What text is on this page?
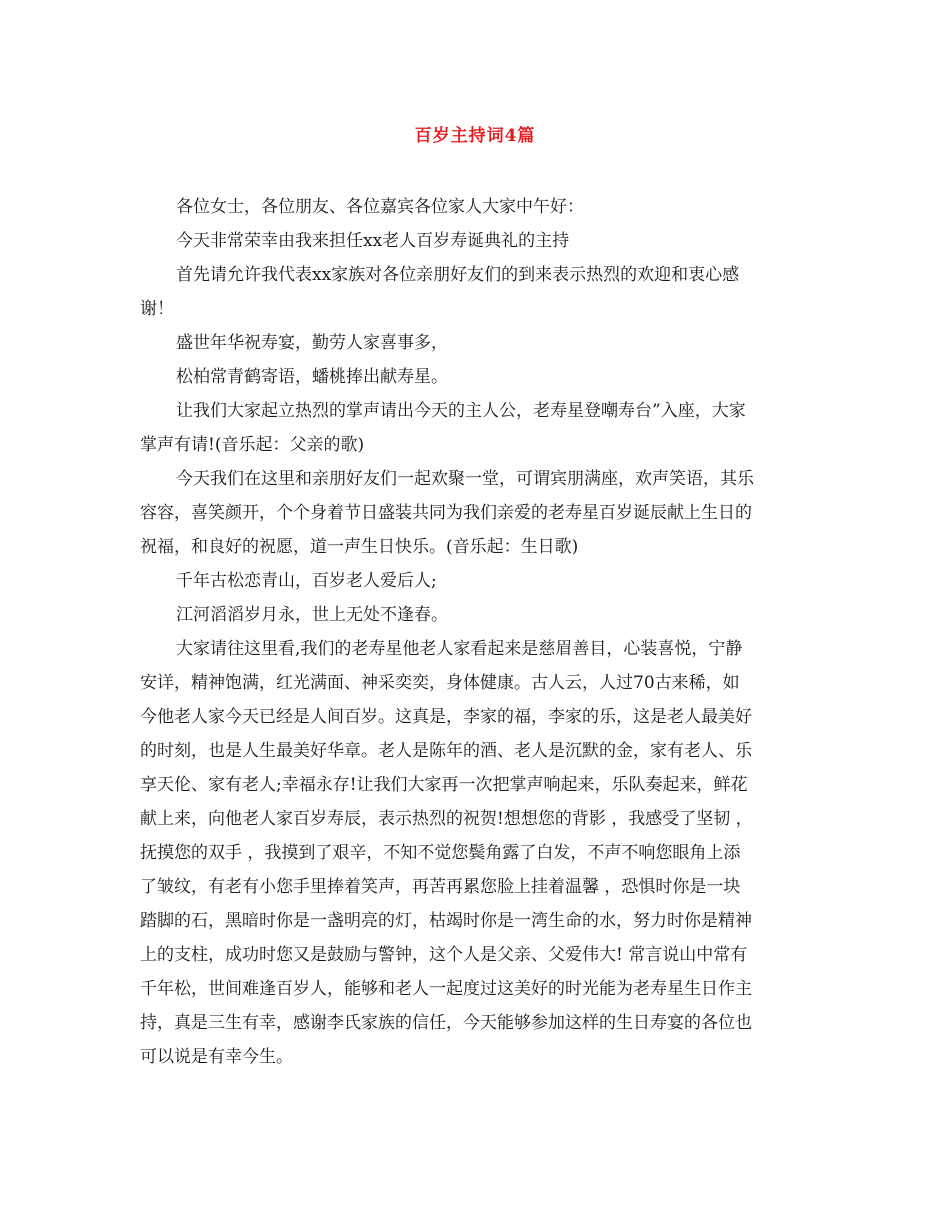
百岁主持词4篇
各位女士，各位朋友、各位嘉宾各位家人大家中午好：
今天非常荣幸由我来担任xx老人百岁寿诞典礼的主持
首先请允许我代表xx家族对各位亲朋好友们的到来表示热烈的欢迎和衷心感
谢！
盛世年华祝寿宴，勤劳人家喜事多，
松柏常青鹤寄语，蟠桃捧出献寿星。
让我们大家起立热烈的掌声请出今天的主人公，老寿星登嘲寿台”入座，大家
掌声有请!(音乐起：父亲的歌)
今天我们在这里和亲朋好友们一起欢聚一堂，可谓宾朋满座，欢声笑语，其乐
容容，喜笑颜开，个个身着节日盛装共同为我们亲爱的老寿星百岁诞辰献上生日的
祝福，和良好的祝愿，道一声生日快乐。(音乐起：生日歌)
千年古松恋青山，百岁老人爱后人;
江河滔滔岁月永，世上无处不逢春。
大家请往这里看,我们的老寿星他老人家看起来是慈眉善目，心装喜悦，宁静
安详，精神饱满，红光满面、神采奕奕，身体健康。古人云，人过70古来稀，如
今他老人家今天已经是人间百岁。这真是，李家的福，李家的乐，这是老人最美好
的时刻，也是人生最美好华章。老人是陈年的酒、老人是沉默的金，家有老人、乐
享天伦、家有老人;幸福永存!让我们大家再一次把掌声响起来，乐队奏起来，鲜花
献上来，向他老人家百岁寿辰，表示热烈的祝贺!想想您的背影 ，我感受了坚韧 ，
抚摸您的双手 ，我摸到了艰辛，不知不觉您鬓角露了白发，不声不响您眼角上添
了皱纹，有老有小您手里捧着笑声，再苦再累您脸上挂着温馨 ，恐惧时你是一块
踏脚的石，黑暗时你是一盏明亮的灯，枯竭时你是一湾生命的水，努力时你是精神
上的支柱，成功时您又是鼓励与警钟，这个人是父亲、父爱伟大! 常言说山中常有
千年松，世间难逢百岁人，能够和老人一起度过这美好的时光能为老寿星生日作主
持，真是三生有幸，感谢李氏家族的信任，今天能够参加这样的生日寿宴的各位也
可以说是有幸今生。
